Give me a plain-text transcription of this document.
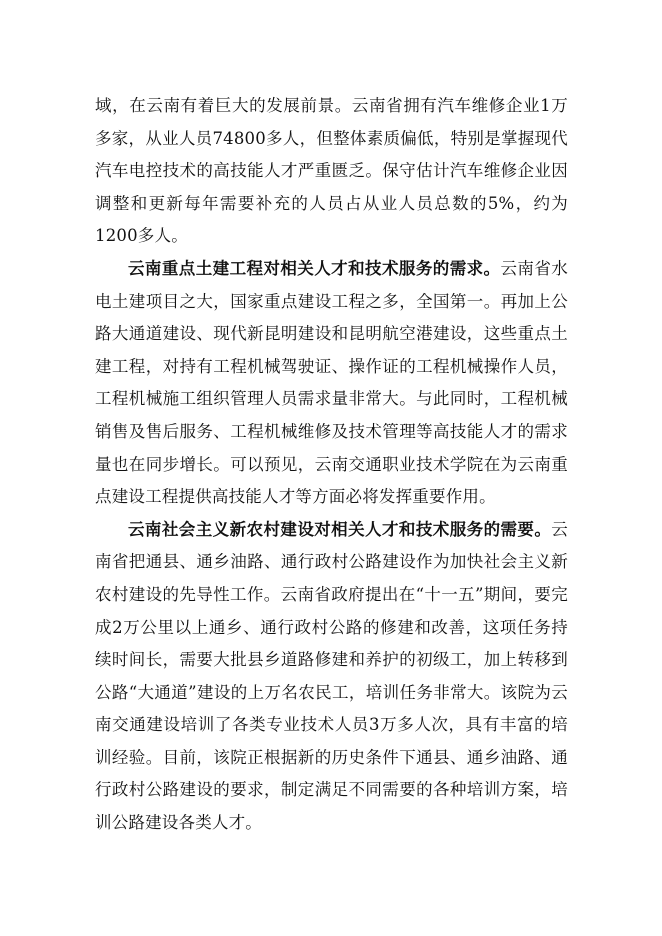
域，在云南有着巨大的发展前景。云南省拥有汽车维修企业1万多家，从业人员74800多人，但整体素质偏低，特别是掌握现代汽车电控技术的高技能人才严重匮乏。保守估计汽车维修企业因调整和更新每年需要补充的人员占从业人员总数的5%，约为1200多人。

云南重点土建工程对相关人才和技术服务的需求。云南省水电土建项目之大，国家重点建设工程之多，全国第一。再加上公路大通道建设、现代新昆明建设和昆明航空港建设，这些重点土建工程，对持有工程机械驾驶证、操作证的工程机械操作人员，工程机械施工组织管理人员需求量非常大。与此同时，工程机械销售及售后服务、工程机械维修及技术管理等高技能人才的需求量也在同步增长。可以预见，云南交通职业技术学院在为云南重点建设工程提供高技能人才等方面必将发挥重要作用。

云南社会主义新农村建设对相关人才和技术服务的需要。云南省把通县、通乡油路、通行政村公路建设作为加快社会主义新农村建设的先导性工作。云南省政府提出在“十一五”期间，要完成2万公里以上通乡、通行政村公路的修建和改善，这项任务持续时间长，需要大批县乡道路修建和养护的初级工，加上转移到公路“大通道”建设的上万名农民工，培训任务非常大。该院为云南交通建设培训了各类专业技术人员3万多人次，具有丰富的培训经验。目前，该院正根据新的历史条件下通县、通乡油路、通行政村公路建设的要求，制定满足不同需要的各种培训方案，培训公路建设各类人才。
